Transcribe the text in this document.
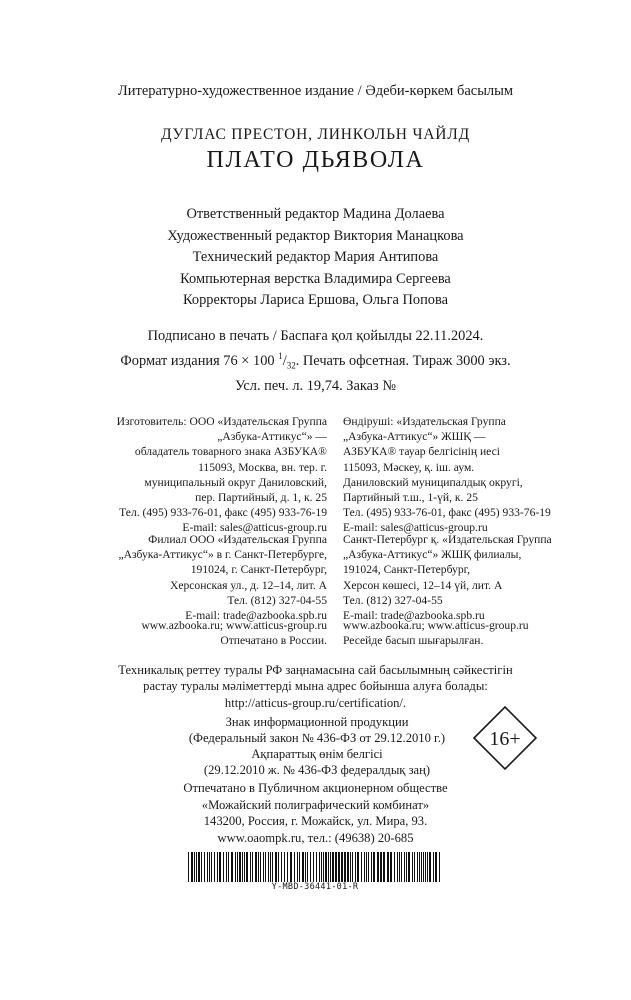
Литературно-художественное издание / Әдеби-көркем басылым
ДУГЛАС ПРЕСТОН, ЛИНКОЛЬН ЧАЙЛД
ПЛАТО ДЬЯВОЛА
Ответственный редактор Мадина Долаева
Художественный редактор Виктория Манацкова
Технический редактор Мария Антипова
Компьютерная верстка Владимира Сергеева
Корректоры Лариса Ершова, Ольга Попова
Подписано в печать / Баспаға қол қойылды 22.11.2024.
Формат издания 76 × 100 $^1/_{32}$. Печать офсетная. Тираж 3000 экз.
Усл. печ. л. 19,74. Заказ №
Изготовитель: ООО «Издательская Группа
„Азбука-Аттикус“» —
обладатель товарного знака АЗБУКА®
115093, Москва, вн. тер. г.
муниципальный округ Даниловский,
пер. Партийный, д. 1, к. 25
Тел. (495) 933-76-01, факс (495) 933-76-19
E-mail: sales@atticus-group.ru
Өндіруші: «Издательская Группа
„Азбука-Аттикус“» ЖШҚ —
АЗБУКА® тауар белгісінің иесі
115093, Мәскеу, қ. іш. аум.
Даниловский муниципалдық округі,
Партийный т.ш., 1-үй, к. 25
Тел. (495) 933-76-01, факс (495) 933-76-19
E-mail: sales@atticus-group.ru
Филиал ООО «Издательская Группа
„Азбука-Аттикус“» в г. Санкт-Петербурге,
191024, г. Санкт-Петербург,
Херсонская ул., д. 12–14, лит. А
Тел. (812) 327-04-55
E-mail: trade@azbooka.spb.ru
Санкт-Петербург қ. «Издательская Группа
„Азбука-Аттикус“» ЖШҚ филиалы,
191024, Санкт-Петербург,
Херсон көшесі, 12–14 үй, лит. А
Тел. (812) 327-04-55
E-mail: trade@azbooka.spb.ru
www.azbooka.ru; www.atticus-group.ru
Отпечатано в России.
www.azbooka.ru; www.atticus-group.ru
Ресейде басып шығарылған.
Техникалық реттеу туралы РФ заңнамасына сай басылымның сәйкестігін
растау туралы мәліметтерді мына адрес бойынша алуға болады:
http://atticus-group.ru/certification/.
Знак информационной продукции
(Федеральный закон № 436-ФЗ от 29.12.2010 г.)
Ақпараттық өнім белгісі
(29.12.2010 ж. № 436-ФЗ федералдық заң)
16+
Отпечатано в Публичном акционерном обществе
«Можайский полиграфический комбинат»
143200, Россия, г. Можайск, ул. Мира, 93.
www.oaompk.ru, тел.: (49638) 20-685
Y-MBD-36441-01-R
